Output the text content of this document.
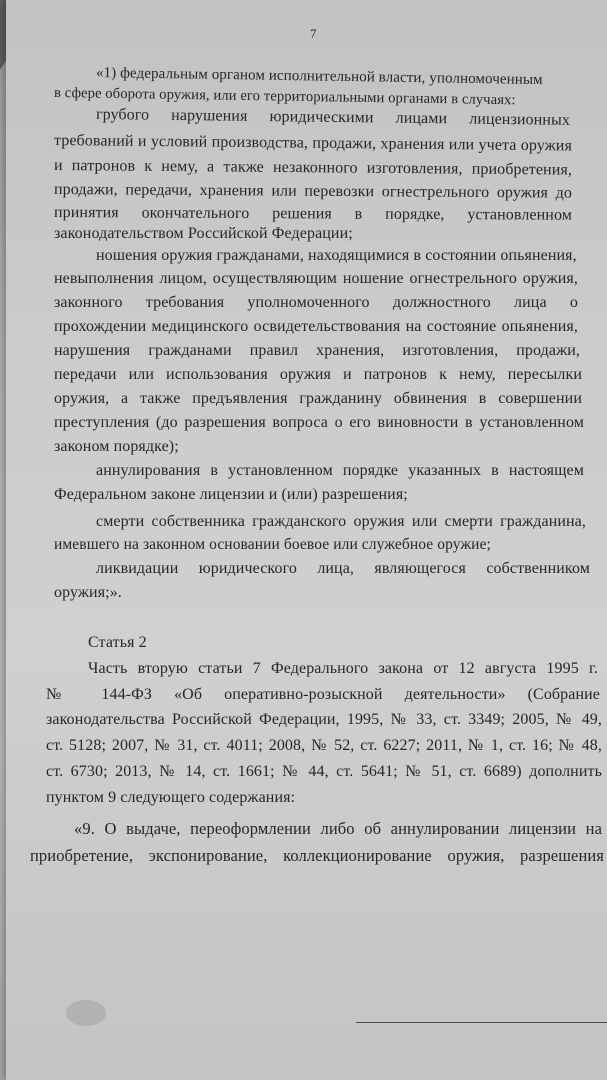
7
«1) федеральным органом исполнительной власти, уполномоченным
в сфере оборота оружия, или его территориальными органами в случаях:
грубого нарушения юридическими лицами лицензионных
требований и условий производства, продажи, хранения или учета оружия
и патронов к нему, а также незаконного изготовления, приобретения,
продажи, передачи, хранения или перевозки огнестрельного оружия до
принятия окончательного решения в порядке, установленном
законодательством Российской Федерации;
ношения оружия гражданами, находящимися в состоянии опьянения,
невыполнения лицом, осуществляющим ношение огнестрельного оружия,
законного требования уполномоченного должностного лица о
прохождении медицинского освидетельствования на состояние опьянения,
нарушения гражданами правил хранения, изготовления, продажи,
передачи или использования оружия и патронов к нему, пересылки
оружия, а также предъявления гражданину обвинения в совершении
преступления (до разрешения вопроса о его виновности в установленном
законом порядке);
аннулирования в установленном порядке указанных в настоящем
Федеральном законе лицензии и (или) разрешения;
смерти собственника гражданского оружия или смерти гражданина,
имевшего на законном основании боевое или служебное оружие;
ликвидации юридического лица, являющегося собственником
оружия;».
Статья 2
Часть вторую статьи 7 Федерального закона от 12 августа 1995 г.
№ 144-ФЗ «Об оперативно-розыскной деятельности» (Собрание
законодательства Российской Федерации, 1995, № 33, ст. 3349; 2005, № 49,
ст. 5128; 2007, № 31, ст. 4011; 2008, № 52, ст. 6227; 2011, № 1, ст. 16; № 48,
ст. 6730; 2013, № 14, ст. 1661; № 44, ст. 5641; № 51, ст. 6689) дополнить
пунктом 9 следующего содержания:
«9. О выдаче, переоформлении либо об аннулировании лицензии на
приобретение, экспонирование, коллекционирование оружия, разрешения
